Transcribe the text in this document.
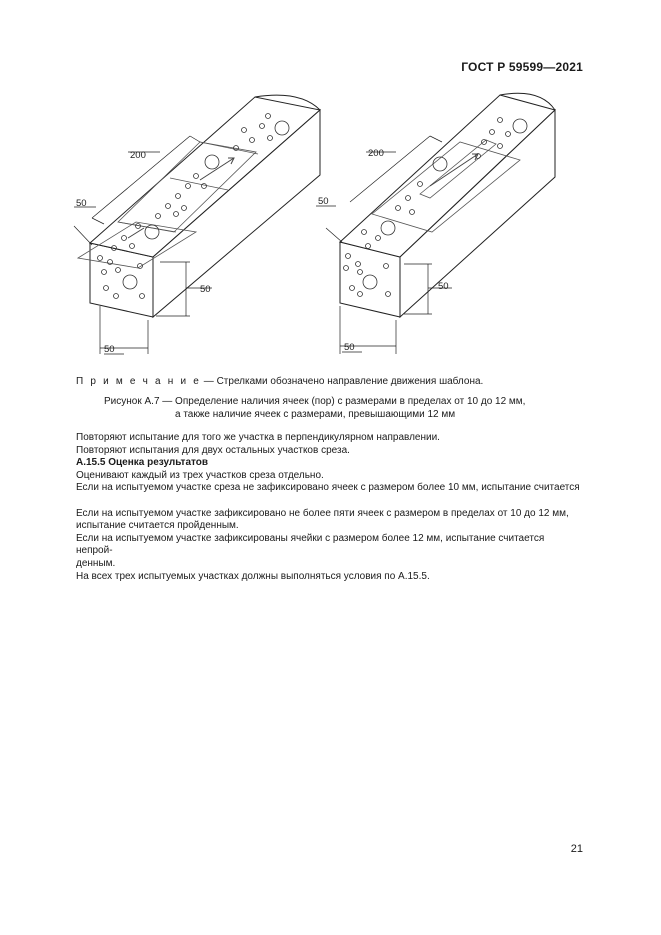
ГОСТ Р 59599—2021
200
50
50
50
200
50
50
50
П р и м е ч а н и е — Стрелками обозначено направление движения шаблона.
Рисунок А.7 — Определение наличия ячеек (пор) с размерами в пределах от 10 до 12 мм,
а также наличие ячеек с размерами, превышающими 12 мм

Повторяют испытание для того же участка в перпендикулярном направлении.

Повторяют испытания для двух остальных участков среза.

А.15.5 Оценка результатов

Оценивают каждый из трех участков среза отдельно.

Если на испытуемом участке среза не зафиксировано ячеек с размером более 10 мм, испытание считается

Если на испытуемом участке зафиксировано не более пяти ячеек с размером в пределах от 10 до 12 мм,

испытание считается пройденным.

Если на испытуемом участке зафиксированы ячейки с размером более 12 мм, испытание считается непрой-

денным.

На всех трех испытуемых участках должны выполняться условия по А.15.5.

21
